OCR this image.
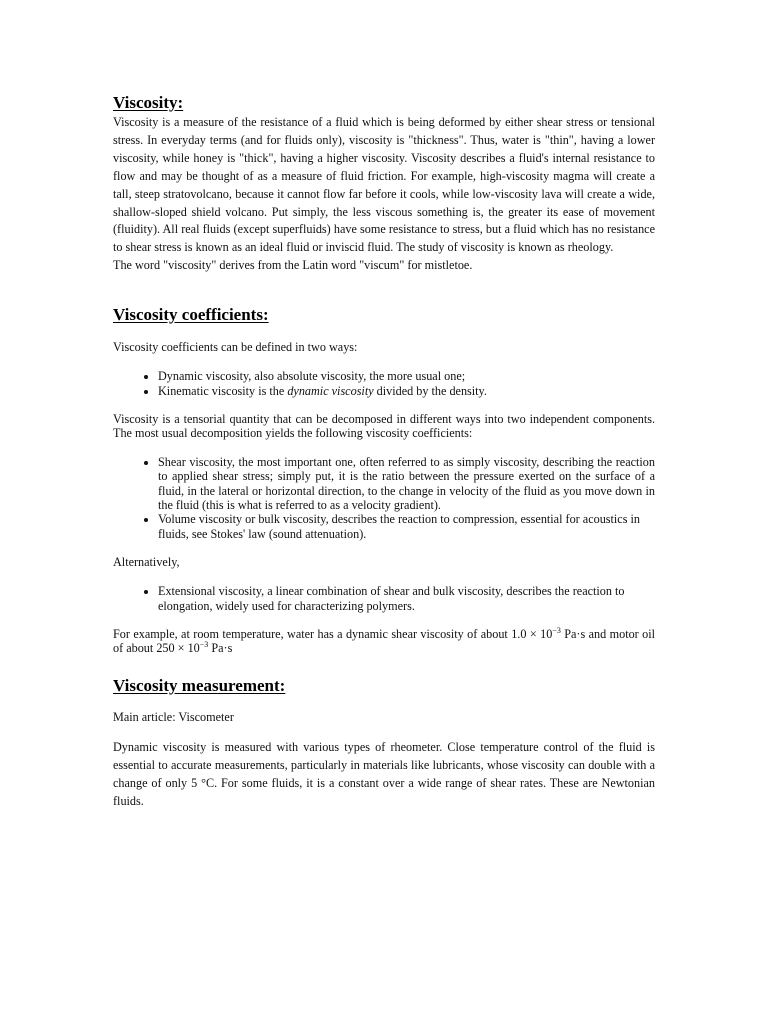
Viscosity:

Viscosity is a measure of the resistance of a fluid which is being deformed by either shear stress or tensional stress. In everyday terms (and for fluids only), viscosity is "thickness". Thus, water is "thin", having a lower viscosity, while honey is "thick", having a higher viscosity. Viscosity describes a fluid's internal resistance to flow and may be thought of as a measure of fluid friction. For example, high-viscosity magma will create a tall, steep stratovolcano, because it cannot flow far before it cools, while low-viscosity lava will create a wide, shallow-sloped shield volcano. Put simply, the less viscous something is, the greater its ease of movement (fluidity). All real fluids (except superfluids) have some resistance to stress, but a fluid which has no resistance to shear stress is known as an ideal fluid or inviscid fluid. The study of viscosity is known as rheology.

The word "viscosity" derives from the Latin word "viscum" for mistletoe.

Viscosity coefficients:

Viscosity coefficients can be defined in two ways:

• Dynamic viscosity, also absolute viscosity, the more usual one;
• Kinematic viscosity is the dynamic viscosity divided by the density.

Viscosity is a tensorial quantity that can be decomposed in different ways into two independent components. The most usual decomposition yields the following viscosity coefficients:

• Shear viscosity, the most important one, often referred to as simply viscosity, describing the reaction to applied shear stress; simply put, it is the ratio between the pressure exerted on the surface of a fluid, in the lateral or horizontal direction, to the change in velocity of the fluid as you move down in the fluid (this is what is referred to as a velocity gradient).
• Volume viscosity or bulk viscosity, describes the reaction to compression, essential for acoustics in fluids, see Stokes' law (sound attenuation).

Alternatively,

• Extensional viscosity, a linear combination of shear and bulk viscosity, describes the reaction to elongation, widely used for characterizing polymers.

For example, at room temperature, water has a dynamic shear viscosity of about $1.0 \times 10^{-3}$ Pa·s and motor oil of about $250 \times 10^{-3}$ Pa·s

Viscosity measurement:

Main article: Viscometer

Dynamic viscosity is measured with various types of rheometer. Close temperature control of the fluid is essential to accurate measurements, particularly in materials like lubricants, whose viscosity can double with a change of only 5 °C. For some fluids, it is a constant over a wide range of shear rates. These are Newtonian fluids.
